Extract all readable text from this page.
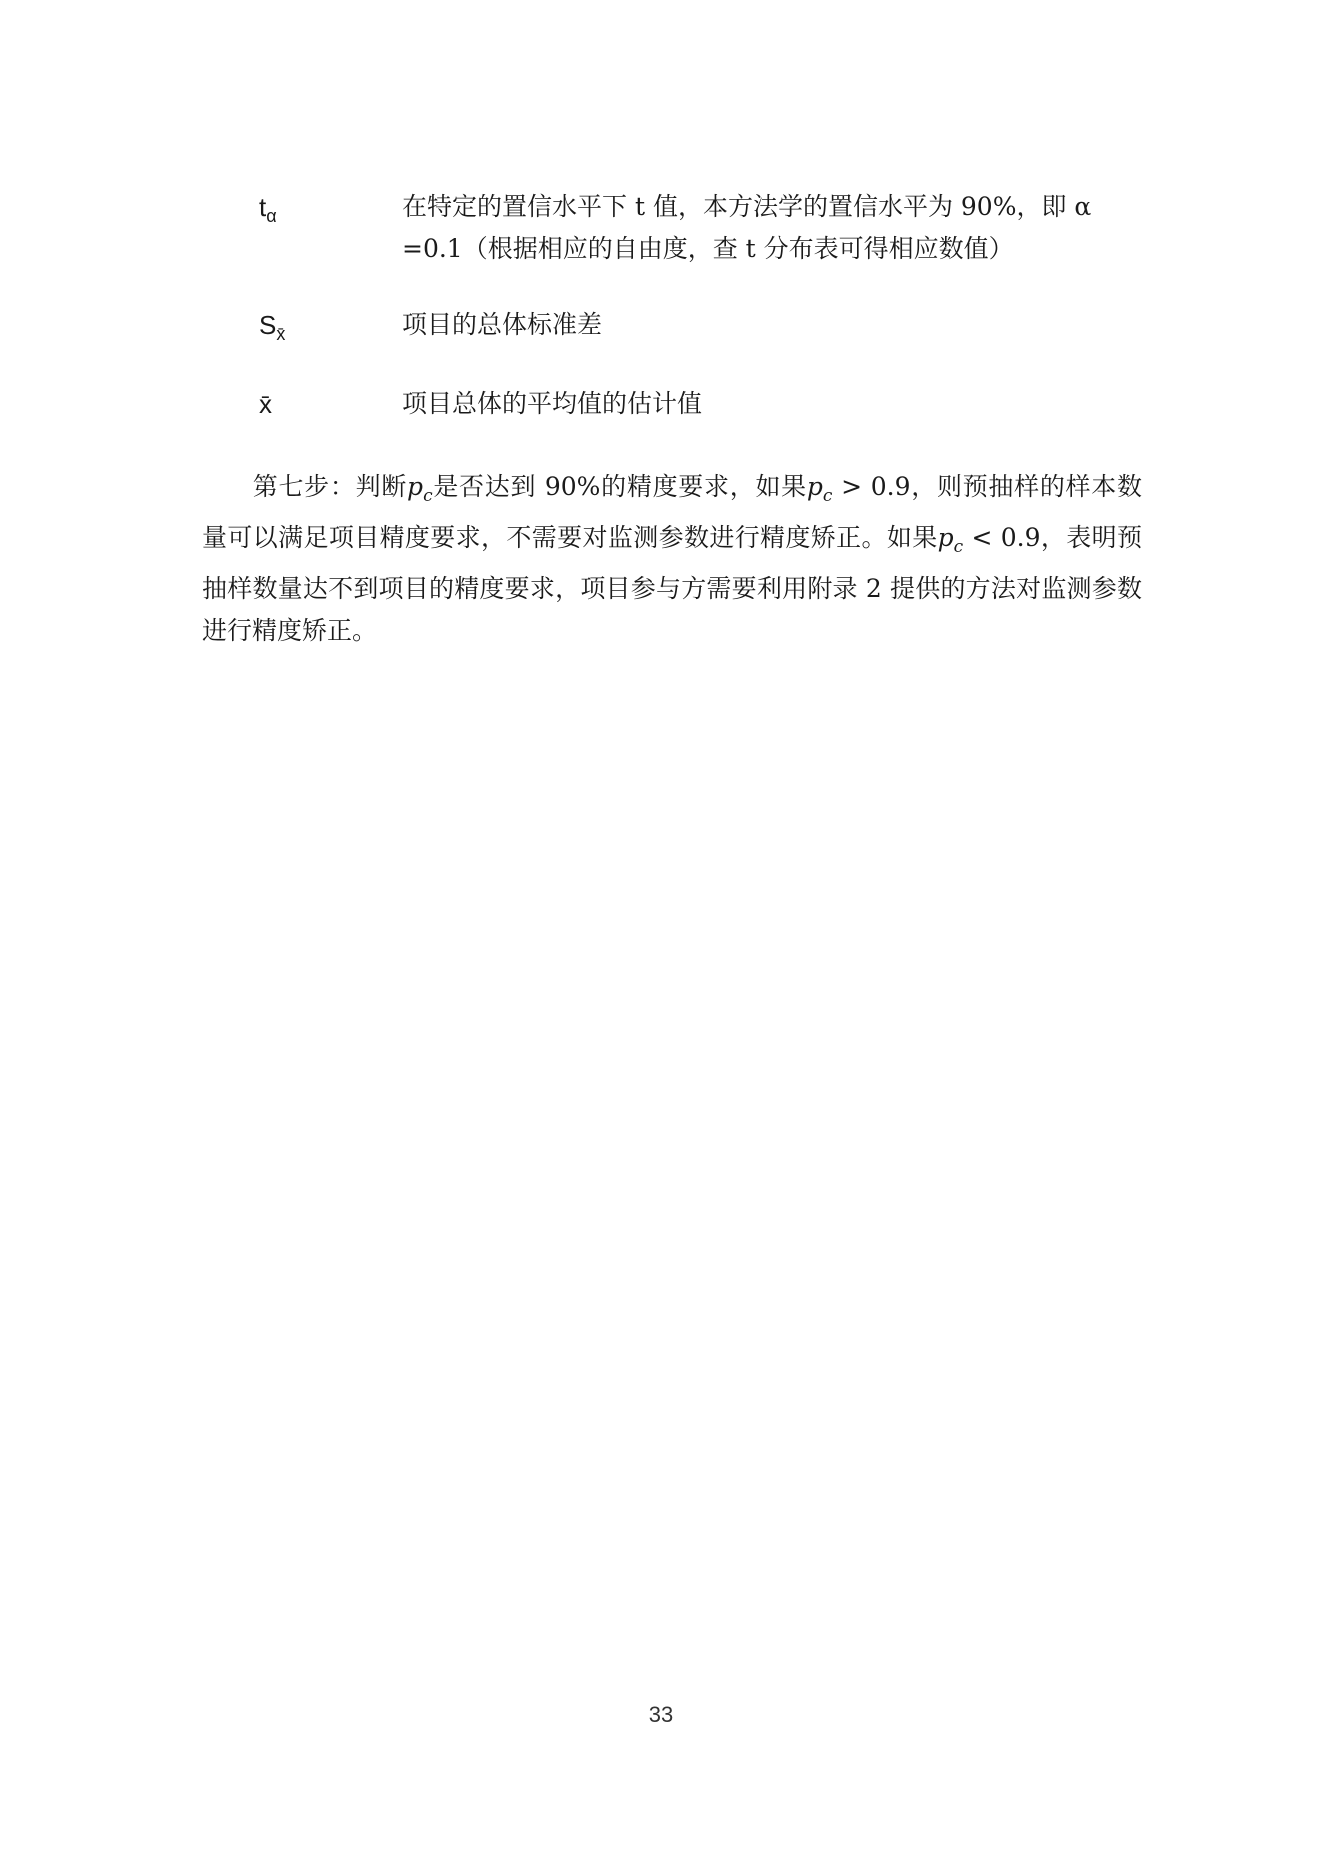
$t_\alpha$	在特定的置信水平下 t 值，本方法学的置信水平为 90%，即 α =0.1（根据相应的自由度，查 t 分布表可得相应数值）
$S_{x̄}$	项目的总体标准差
x̄	项目总体的平均值的估计值
第七步：判断$p_c$是否达到 90%的精度要求，如果$p_c > 0.9$，则预抽样的样本数量可以满足项目精度要求，不需要对监测参数进行精度矫正。如果$p_c < 0.9$，表明预抽样数量达不到项目的精度要求，项目参与方需要利用附录 2 提供的方法对监测参数进行精度矫正。
33
